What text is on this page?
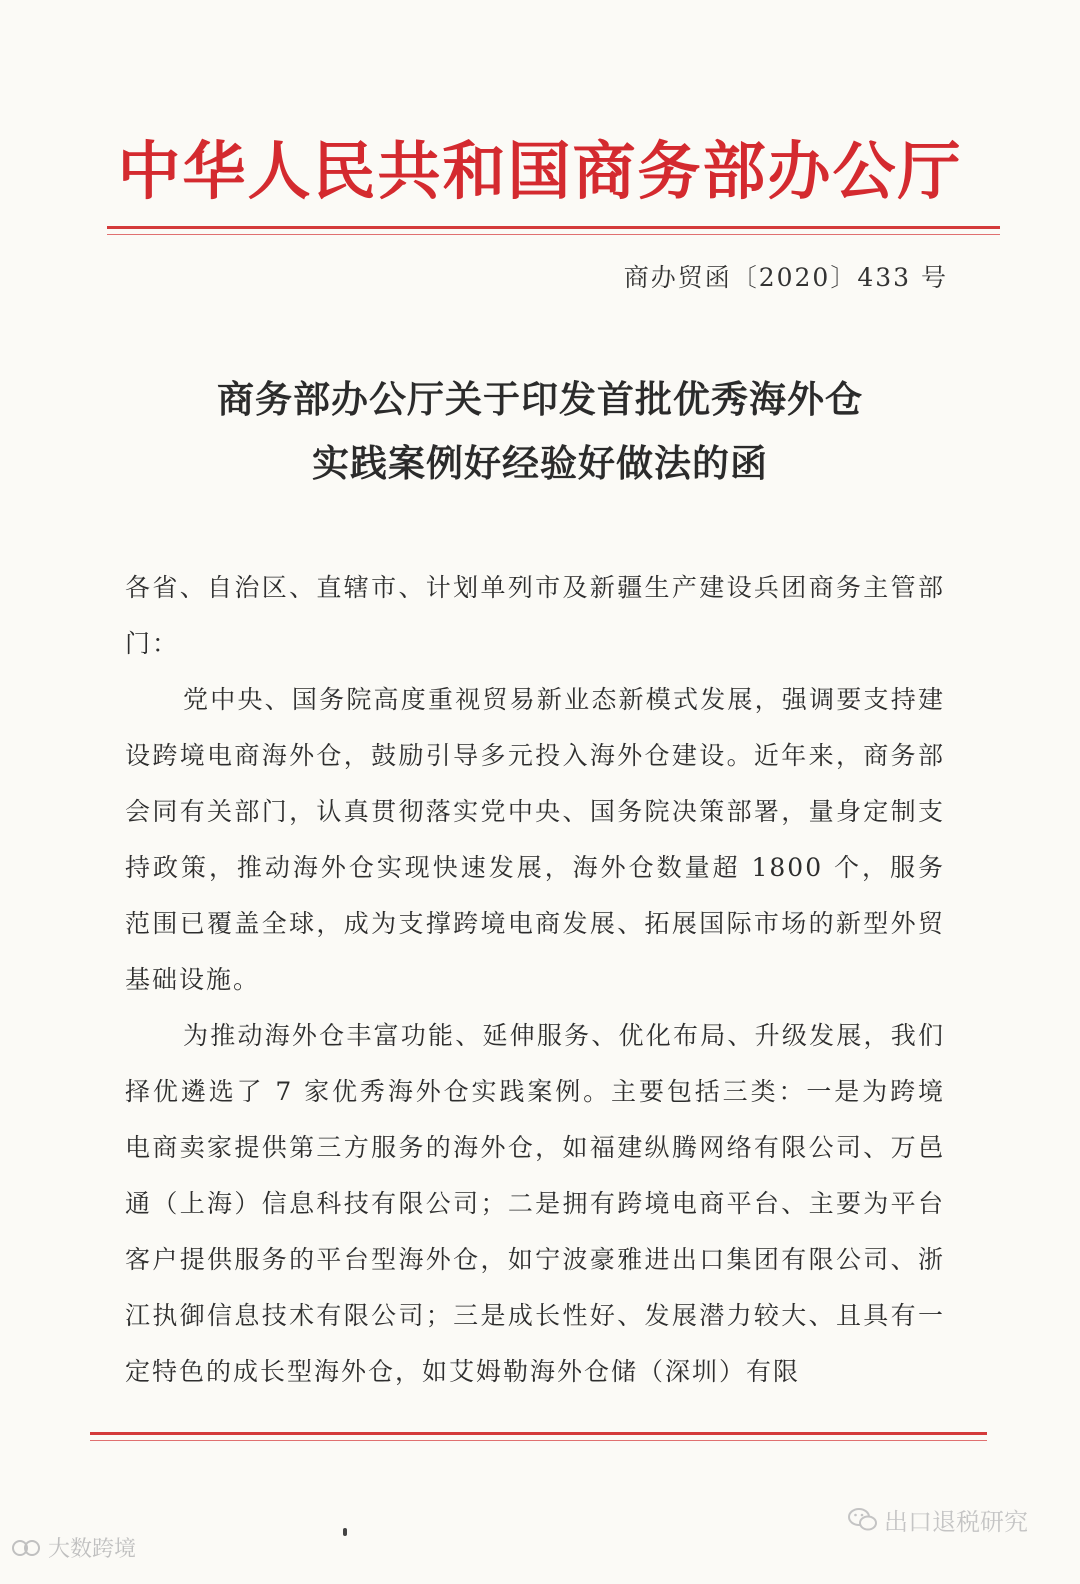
中华人民共和国商务部办公厅
商办贸函〔2020〕433 号
商务部办公厅关于印发首批优秀海外仓
实践案例好经验好做法的函

各省、自治区、直辖市、计划单列市及新疆生产建设兵团商务主管部门：

党中央、国务院高度重视贸易新业态新模式发展，强调要支持建设跨境电商海外仓，鼓励引导多元投入海外仓建设。近年来，商务部会同有关部门，认真贯彻落实党中央、国务院决策部署，量身定制支持政策，推动海外仓实现快速发展，海外仓数量超 1800 个，服务范围已覆盖全球，成为支撑跨境电商发展、拓展国际市场的新型外贸基础设施。

为推动海外仓丰富功能、延伸服务、优化布局、升级发展，我们择优遴选了 7 家优秀海外仓实践案例。主要包括三类：一是为跨境电商卖家提供第三方服务的海外仓，如福建纵腾网络有限公司、万邑通（上海）信息科技有限公司；二是拥有跨境电商平台、主要为平台客户提供服务的平台型海外仓，如宁波豪雅进出口集团有限公司、浙江执御信息技术有限公司；三是成长性好、发展潜力较大、且具有一定特色的成长型海外仓，如艾姆勒海外仓储（深圳）有限

大数跨境
出口退税研究
